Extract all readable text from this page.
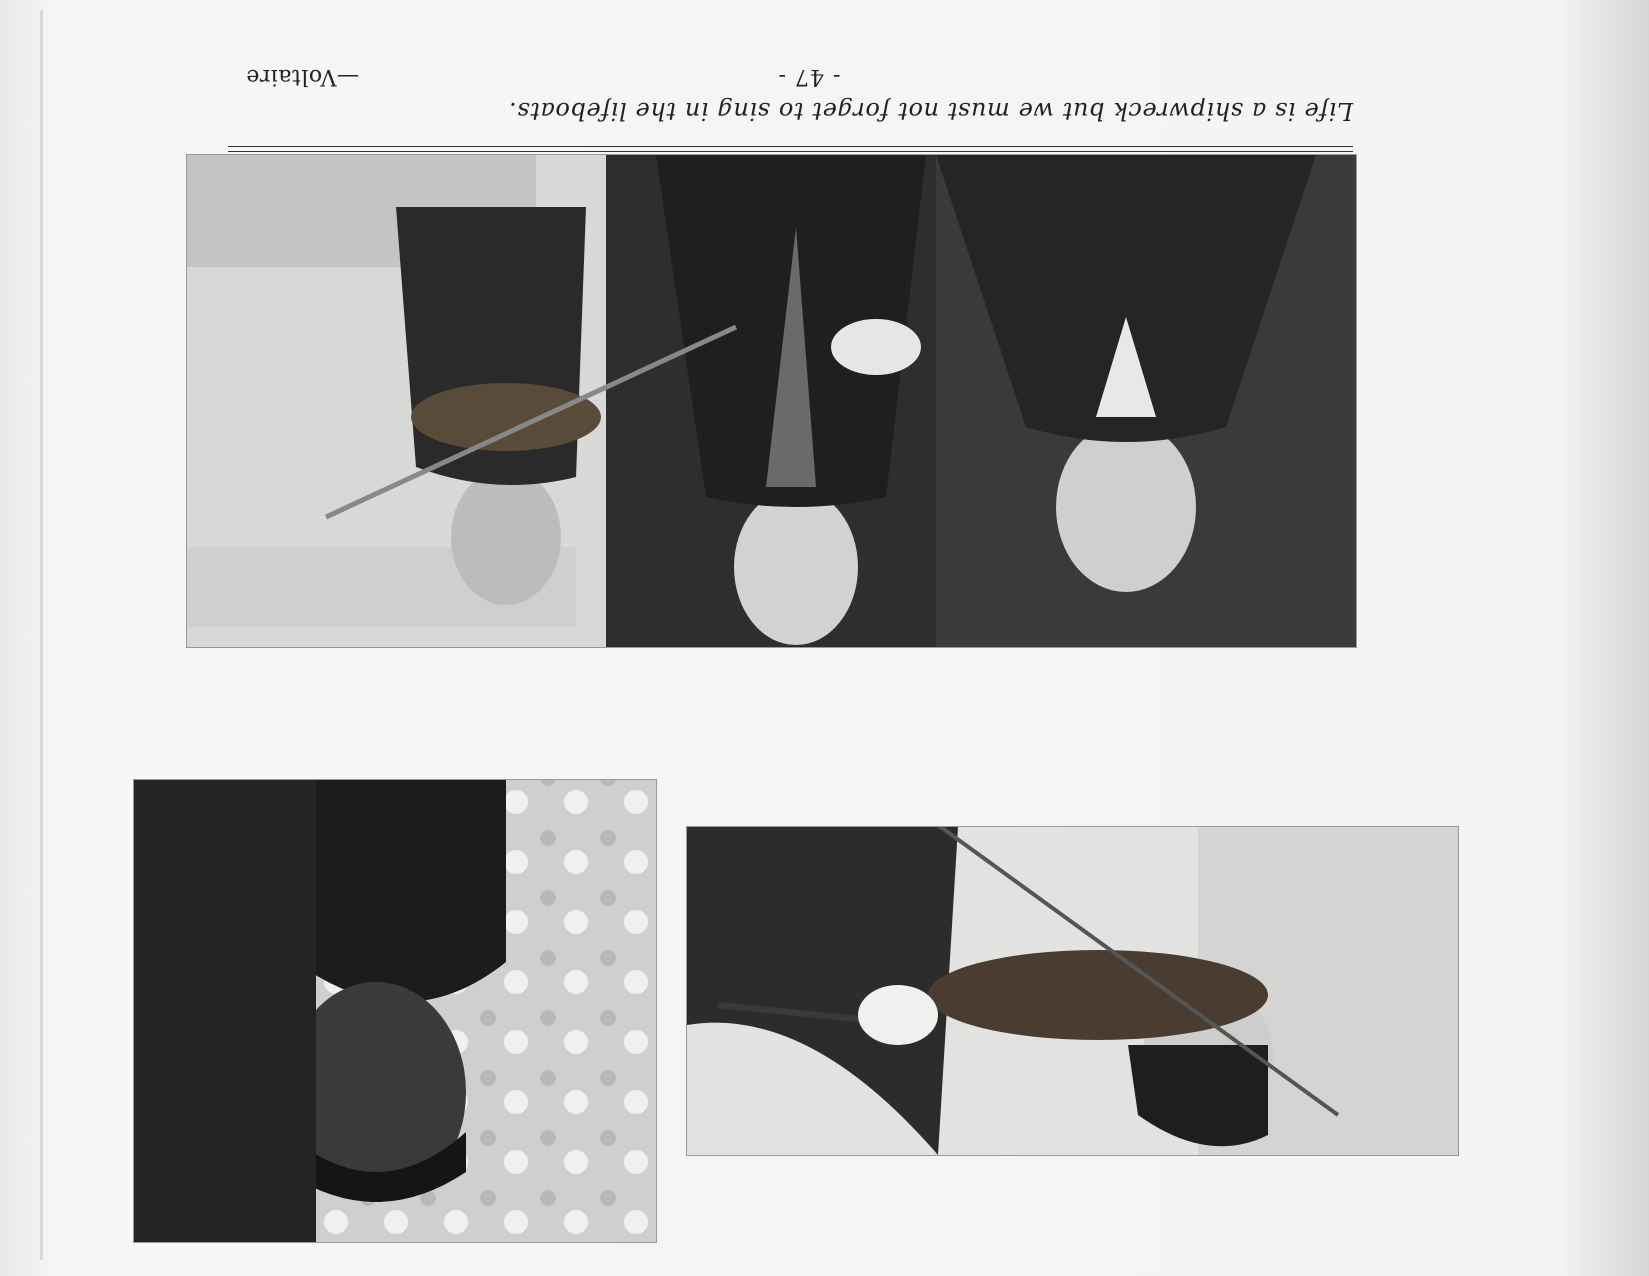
Life is a shipwreck but we must not forget to sing in the lifeboats.
- 47 -
—Voltaire
